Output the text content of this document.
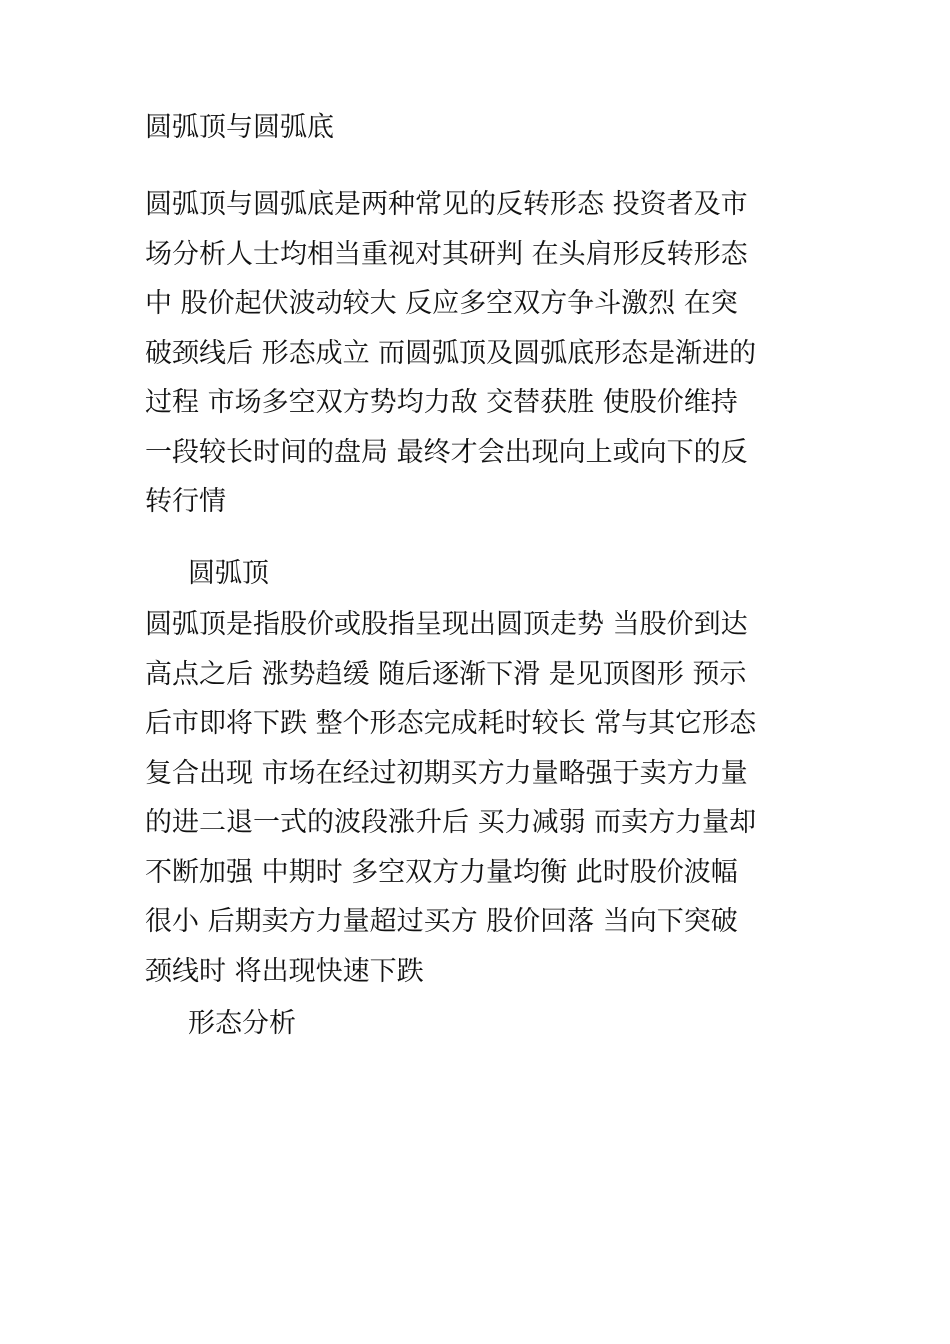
圆弧顶与圆弧底

圆弧顶与圆弧底是两种常见的反转形态 投资者及市
场分析人士均相当重视对其研判 在头肩形反转形态
中 股价起伏波动较大 反应多空双方争斗激烈 在突
破颈线后 形态成立 而圆弧顶及圆弧底形态是渐进的
过程 市场多空双方势均力敌 交替获胜 使股价维持
一段较长时间的盘局 最终才会出现向上或向下的反
转行情

圆弧顶

圆弧顶是指股价或股指呈现出圆顶走势 当股价到达
高点之后 涨势趋缓 随后逐渐下滑 是见顶图形 预示
后市即将下跌 整个形态完成耗时较长 常与其它形态
复合出现 市场在经过初期买方力量略强于卖方力量
的进二退一式的波段涨升后 买力减弱 而卖方力量却
不断加强 中期时 多空双方力量均衡 此时股价波幅
很小 后期卖方力量超过买方 股价回落 当向下突破
颈线时 将出现快速下跌

形态分析
